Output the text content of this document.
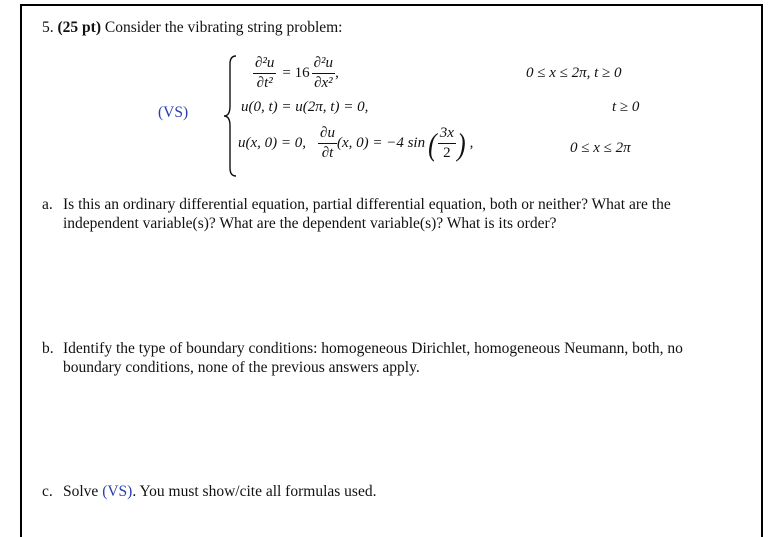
5. (25 pt) Consider the vibrating string problem:
(VS)
$\frac{\text{∂²u}}{\text{∂t²}} = 16 \frac{\text{∂²u}}{\text{∂x²}}$ ,	0 ≤ x ≤ 2π, t ≥ 0
u(0, t) = u(2π, t) = 0,	t ≥ 0
u(x, 0) = 0, $\frac{\partial u}{\partial t} (x$, 0) = −4 sin ( $\frac{3x}{2}$ ) ,	0 ≤ x ≤ 2π
a. Is this an ordinary differential equation, partial differential equation, both or neither? What are the
independent variable(s)? What are the dependent variable(s)? What is its order?
b. Identify the type of boundary conditions: homogeneous Dirichlet, homogeneous Neumann, both, no
boundary conditions, none of the previous answers apply.
c. Solve (VS). You must show/cite all formulas used.
